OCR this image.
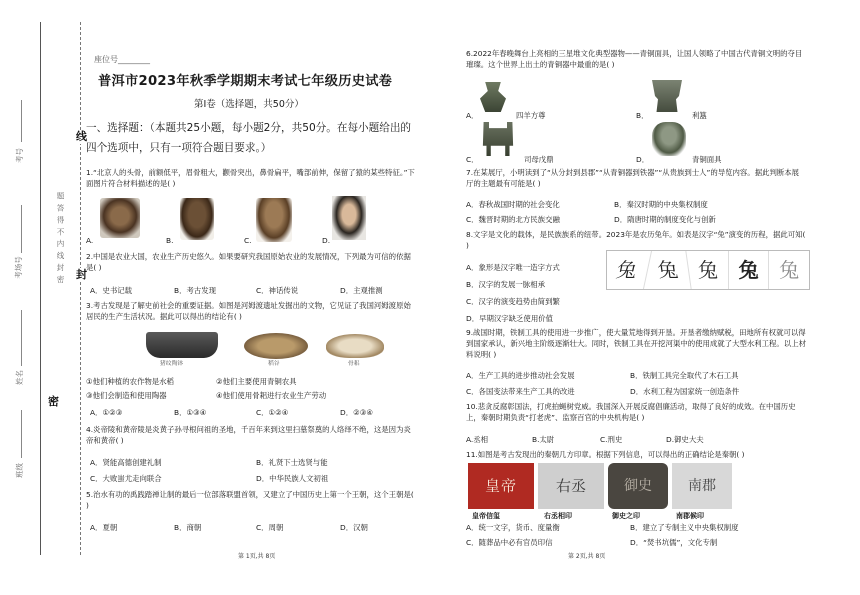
题 答 得 不 内 线 封 密
线
封
密
考号
考场号
姓名
班级
座位号________
普洱市2023年秋季学期期末考试七年级历史试卷
第Ⅰ卷（选择题，共50分）
一、选择题：（本题共25小题，每小题2分，共50分。在每小题给出的四个选项中，只有一项符合题目要求。）
1.“北京人的头骨，前额低平，眉骨粗大，颧骨突出，鼻骨扁平，嘴部前伸，保留了猿的某些特征。”下面图片符合材料描述的是( )
A.	B.	C.	D.
2.中国是农业大国，农业生产历史悠久。如果要研究我国原始农业的发展情况，下列最为可信的依据是( )
A．史书记载	B．考古发现	C．神话传说	D．主观推测
3.考古发现是了解史前社会的重要证据。如图是河姆渡遗址发掘出的文物，它见证了我国河姆渡原始居民的生产生活状况。据此可以得出的结论有( )
猪纹陶钵	稻谷	骨耜
①他们种植的农作物是水稻	②他们主要使用青铜农具
③他们会制造和使用陶器	④他们使用骨耜进行农业生产劳动
A．①②③	B．①③④	C．①②④	D．②③④
4.炎帝陵和黄帝陵是炎黄子孙寻根问祖的圣地，千百年来到这里扫墓祭奠的人络绎不绝，这是因为炎帝和黄帝( )
A．贤能高德创建礼制	B．礼贤下士选贤与能
C．大败蚩尤走向联合	D．中华民族人文初祖
5.治水有功的禹践踏禅让制的最后一位部落联盟首领，又建立了中国历史上第一个王朝，这个王朝是( )
A．夏朝	B．商朝	C．周朝	D．汉朝
第 1页,共 8页
6.2022年春晚舞台上亮相的三星堆文化典型器物——青铜面具，让国人领略了中国古代青铜文明的夺目璀璨。这个世界上出土的青铜器中最重的是( )
A．	四羊方尊	B．	利簋
C．	司母戊鼎	D．	青铜面具
7.在某展厅，小明读到了“从分封到县郡”“从青铜器到铁器”“从贵族到士人”的导览内容。据此判断本展厅的主题最有可能是( )
A．春秋战国时期的社会变化	B．秦汉时期的中央集权制度
C．魏晋时期的北方民族交融	D．隋唐时期的制度变化与创新
8.文字是文化的载体，是民族族系的纽带。2023年是农历兔年。如表是汉字“兔”演变的历程，据此可知( )
A．象形是汉字唯一造字方式
B．汉字的发展一脉相承
C．汉字的演变趋势由简到繁
D．早期汉字缺乏使用价值
兔 兔 兔	兔	兔
9.战国时期，铁制工具的使用进一步推广，使大量荒地得到开垦。开垦者缴纳赋税，田地所有权就可以得到国家承认，新兴地主阶级逐渐壮大。同时，铁制工具在开挖河渠中的使用成就了大型水利工程。以上材料说明( )
A．生产工具的进步推动社会发展	B．铁制工具完全取代了木石工具
C．各国变法带来生产工具的改进	D．水利工程为国家统一创造条件
10.悲贪反腐彰国法，打虎拍蝇树党威。我国深入开展反腐倡廉活动，取得了良好的成效。在中国历史上，秦朝时期负责“打老虎”、监察百官的中央机构是( )
A.丞相	B.太尉	C.刑史	D.御史大夫
11.如图是考古发现出的秦朝几方印章。根据下列信息，可以得出的正确结论是秦朝( )
皇帝	右丞	御史	南郡
皇帝信玺	右丞相印	御史之印	南郡候印
A．统一文字，货币、度量衡	B．建立了专制主义中央集权制度
C．随葬品中必有官员印信	D．“焚书坑儒”，文化专制
第 2页,共 8页
